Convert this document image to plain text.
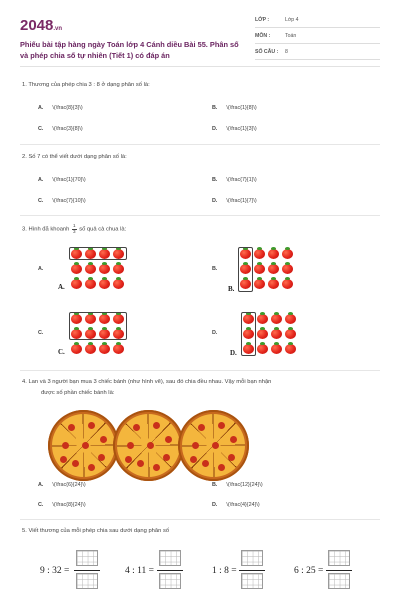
2048.vn
Phiếu bài tập hàng ngày Toán lớp 4 Cánh diều Bài 55. Phân số và phép chia số tự nhiên (Tiết 1) có đáp án
LỚP :	Lớp 4
MÔN :	Toán
SỐ CÂU : 8
1. Thương của phép chia 3 : 8 ở dạng phân số là:
A. \(\frac{8}{3}\)	B. \(\frac{1}{8}\)
C. \(\frac{3}{8}\)	D. \(\frac{1}{3}\)
2. Số 7 có thể viết dưới dạng phân số là:
A. \(\frac{1}{70}\)	B. \(\frac{7}{1}\)
C. \(\frac{7}{10}\)	D. \(\frac{1}{7}\)
3. Hình đã khoanh $\frac{1}{3}$ số quả cà chua là:
A.	B.
C.	D.
A.	B.
C.	D.
4. Lan và 3 người bạn mua 3 chiếc bánh (như hình vẽ), sau đó chia đều nhau. Vậy mỗi bạn nhận
được số phần chiếc bánh là:
A. \(\frac{6}{24}\)	B. \(\frac{12}{24}\)
C. \(\frac{8}{24}\)	D. \(\frac{4}{24}\)
5. Viết thương của mỗi phép chia sau dưới dạng phân số
9 : 32 =	4 : 11 =	1 : 8 =	6 : 25 =
